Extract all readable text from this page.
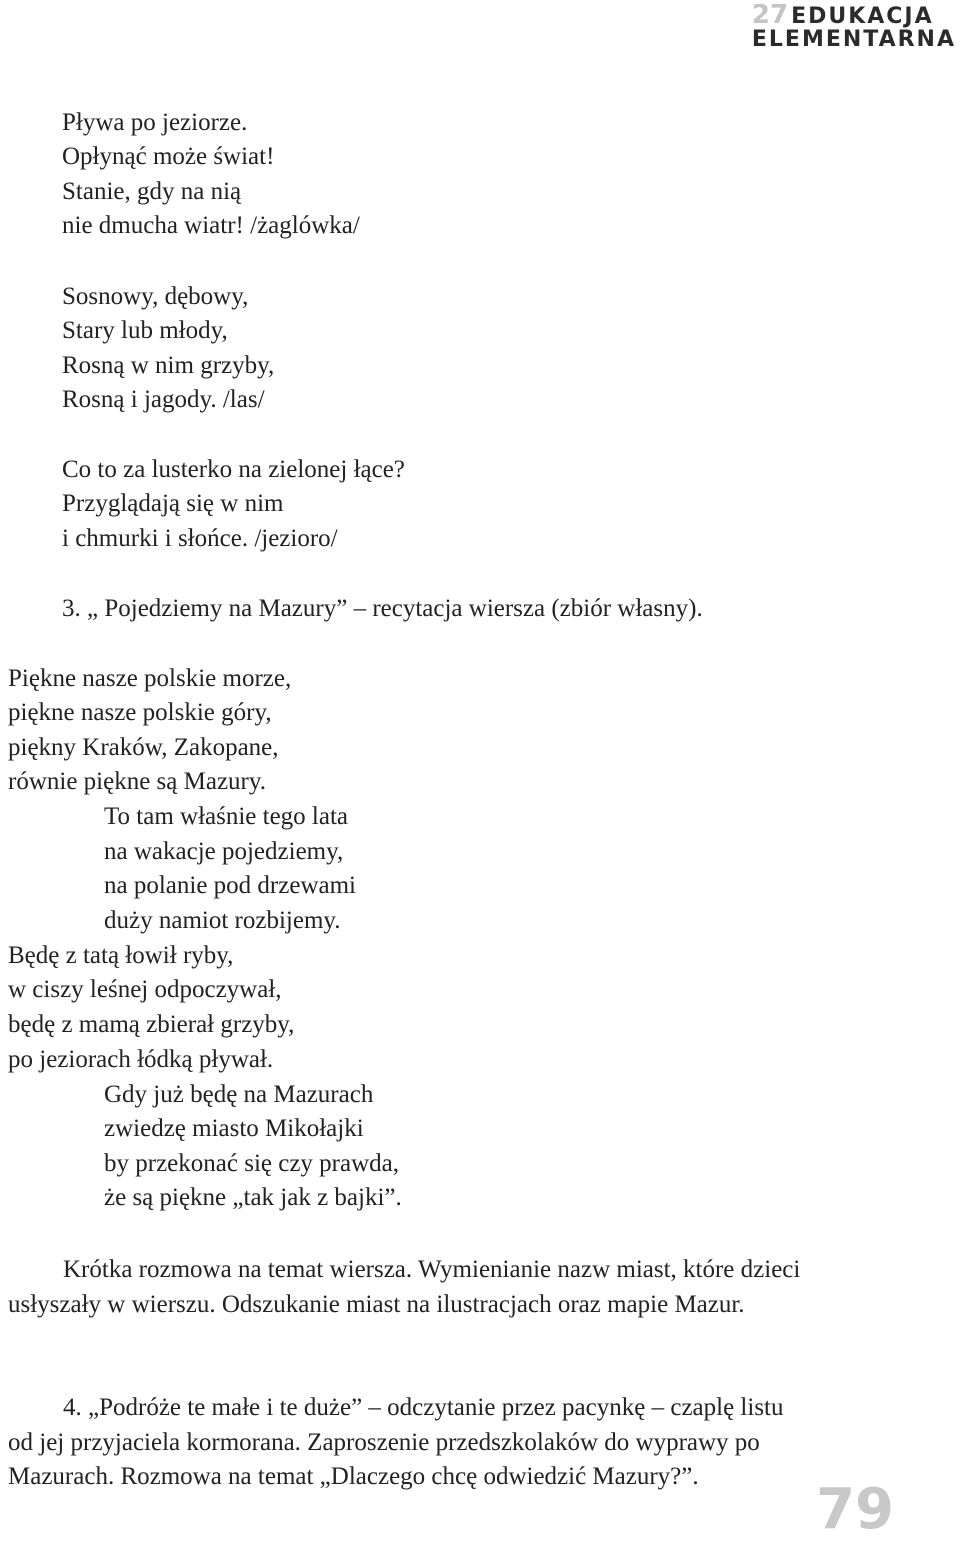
27 EDUKACJA
ELEMENTARNA
Pływa po jeziorze.
Opłynąć może świat!
Stanie, gdy na nią
nie dmucha wiatr! /żaglówka/
Sosnowy, dębowy,
Stary lub młody,
Rosną w nim grzyby,
Rosną i jagody. /las/
Co to za lusterko na zielonej łące?
Przyglądają się w nim
i chmurki i słońce. /jezioro/
3. „ Pojedziemy na Mazury” – recytacja wiersza (zbiór własny).
Piękne nasze polskie morze,
piękne nasze polskie góry,
piękny Kraków, Zakopane,
równie piękne są Mazury.
To tam właśnie tego lata
na wakacje pojedziemy,
na polanie pod drzewami
duży namiot rozbijemy.
Będę z tatą łowił ryby,
w ciszy leśnej odpoczywał,
będę z mamą zbierał grzyby,
po jeziorach łódką pływał.
Gdy już będę na Mazurach
zwiedzę miasto Mikołajki
by przekonać się czy prawda,
że są piękne „tak jak z bajki”.

Krótka rozmowa na temat wiersza. Wymienianie nazw miast, które dzieci usłyszały w wierszu. Odszukanie miast na ilustracjach oraz mapie Mazur.

4. „Podróże te małe i te duże” – odczytanie przez pacynkę – czaplę listu od jej przyjaciela kormorana. Zaproszenie przedszkolaków do wyprawy po Mazurach. Rozmowa na temat „Dlaczego chcę odwiedzić Mazury?”.

79
